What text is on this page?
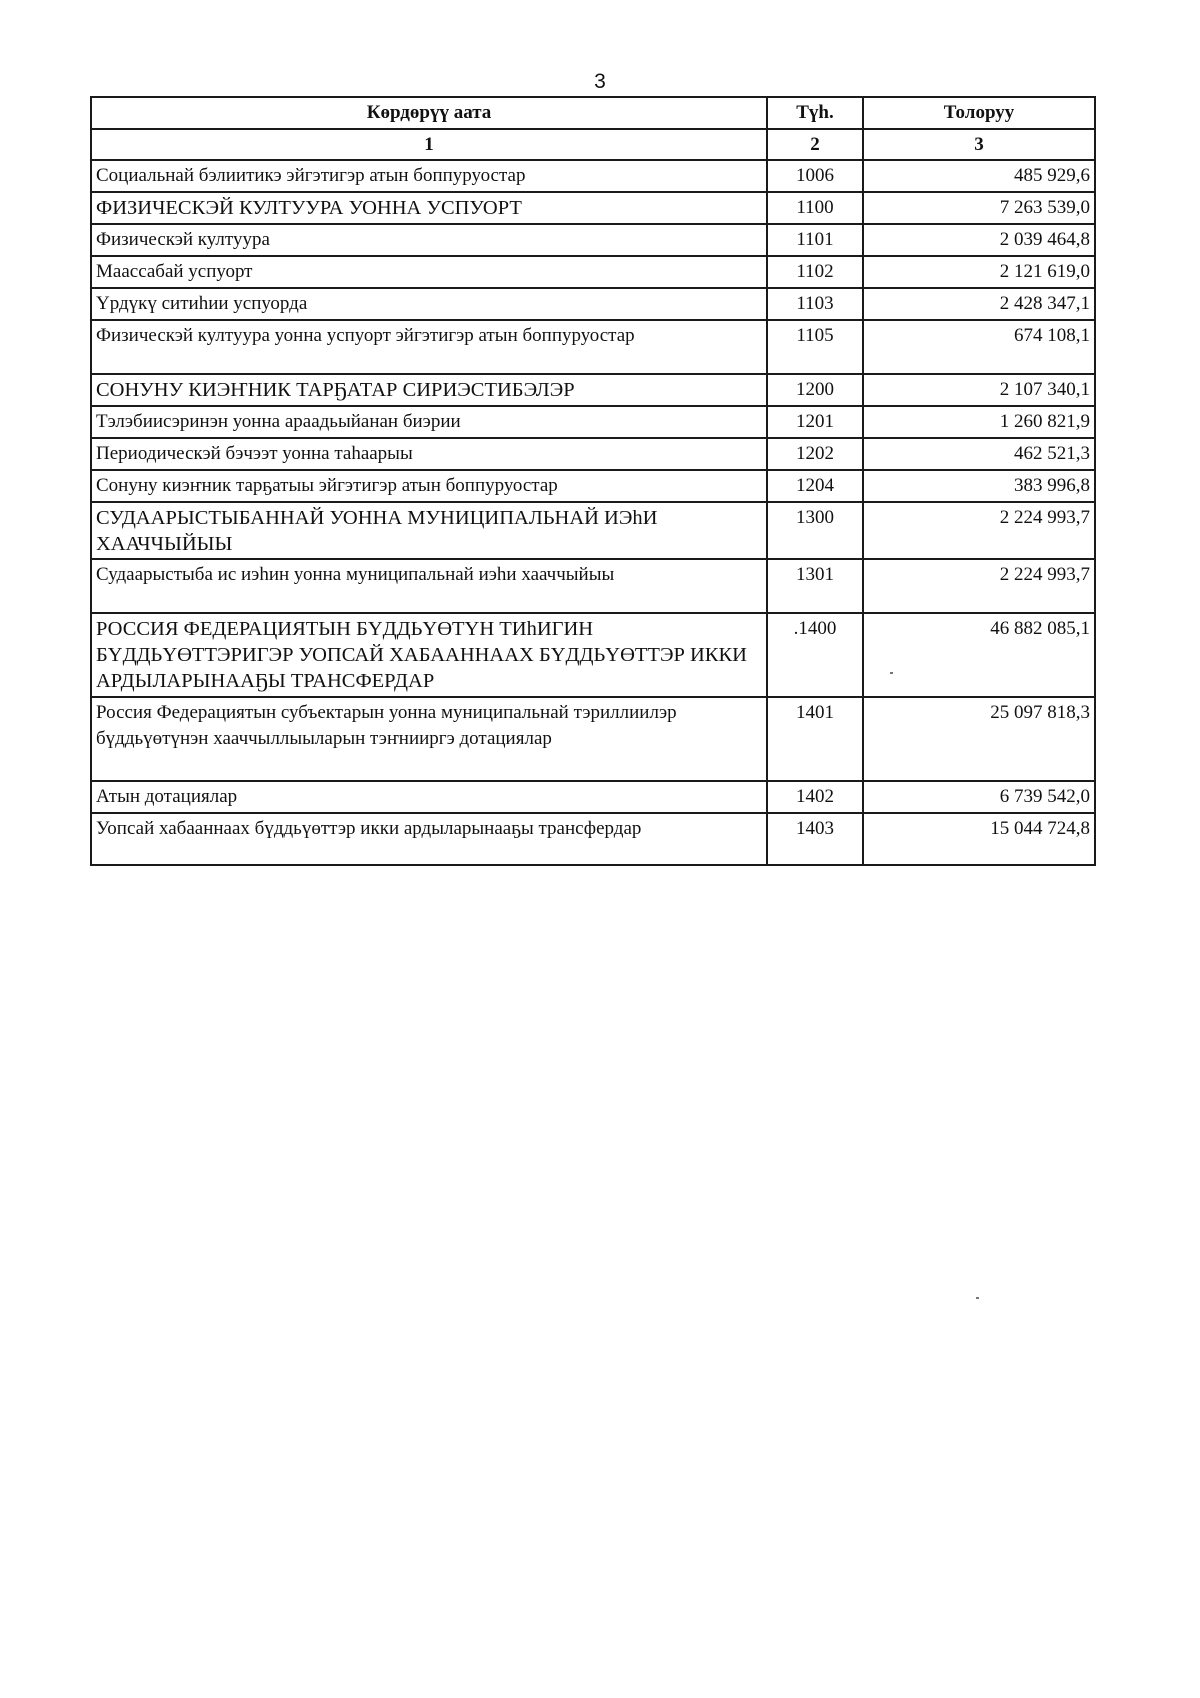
3
Көрдөрүү аата	Түh.	Толоруу
1	2	3
Социальнай бэлиитикэ эйгэтигэр атын боппуруостар	1006	485 929,6
ФИЗИЧЕСКЭЙ КУЛТУУРА УОННА УСПУОРТ	1100	7 263 539,0
Физическэй култуура	1101	2 039 464,8
Маассабай успуорт	1102	2 121 619,0
Үрдүкү ситиhии успуорда	1103	2 428 347,1
Физическэй култуура уонна успуорт эйгэтигэр атын боппуруостар	1105	674 108,1
СОНУНУ КИЭҤНИК ТАРҔАТАР СИРИЭСТИБЭЛЭР	1200	2 107 340,1
Тэлэбиисэринэн уонна араадьыйанан биэрии	1201	1 260 821,9
Периодическэй бэчээт уонна таhаарыы	1202	462 521,3
Сонуну киэҥник тарҕатыы эйгэтигэр атын боппуруостар	1204	383 996,8
СУДААРЫСТЫБАННАЙ УОННА МУНИЦИПАЛЬНАЙ ИЭhИ ХААЧЧЫЙЫЫ	1300	2 224 993,7
Судаарыстыба ис иэhин уонна муниципальнай иэhи хааччыйыы	1301	2 224 993,7
РОССИЯ ФЕДЕРАЦИЯТЫН БҮДДЬҮӨТҮН ТИhИГИН БҮДДЬҮӨТТЭРИГЭР УОПСАЙ ХАБААННААХ БҮДДЬҮӨТТЭР ИККИ АРДЫЛАРЫНААҔЫ ТРАНСФЕРДАР	.1400	46 882 085,1
Россия Федерациятын субъектарын уонна муниципальнай тэриллиилэр бүддьүөтүнэн хааччыллыыларын тэҥнииргэ дотациялар	1401	25 097 818,3
Атын дотациялар	1402	6 739 542,0
Уопсай хабааннаах бүддьүөттэр икки ардыларынааҕы трансфердар	1403	15 044 724,8
